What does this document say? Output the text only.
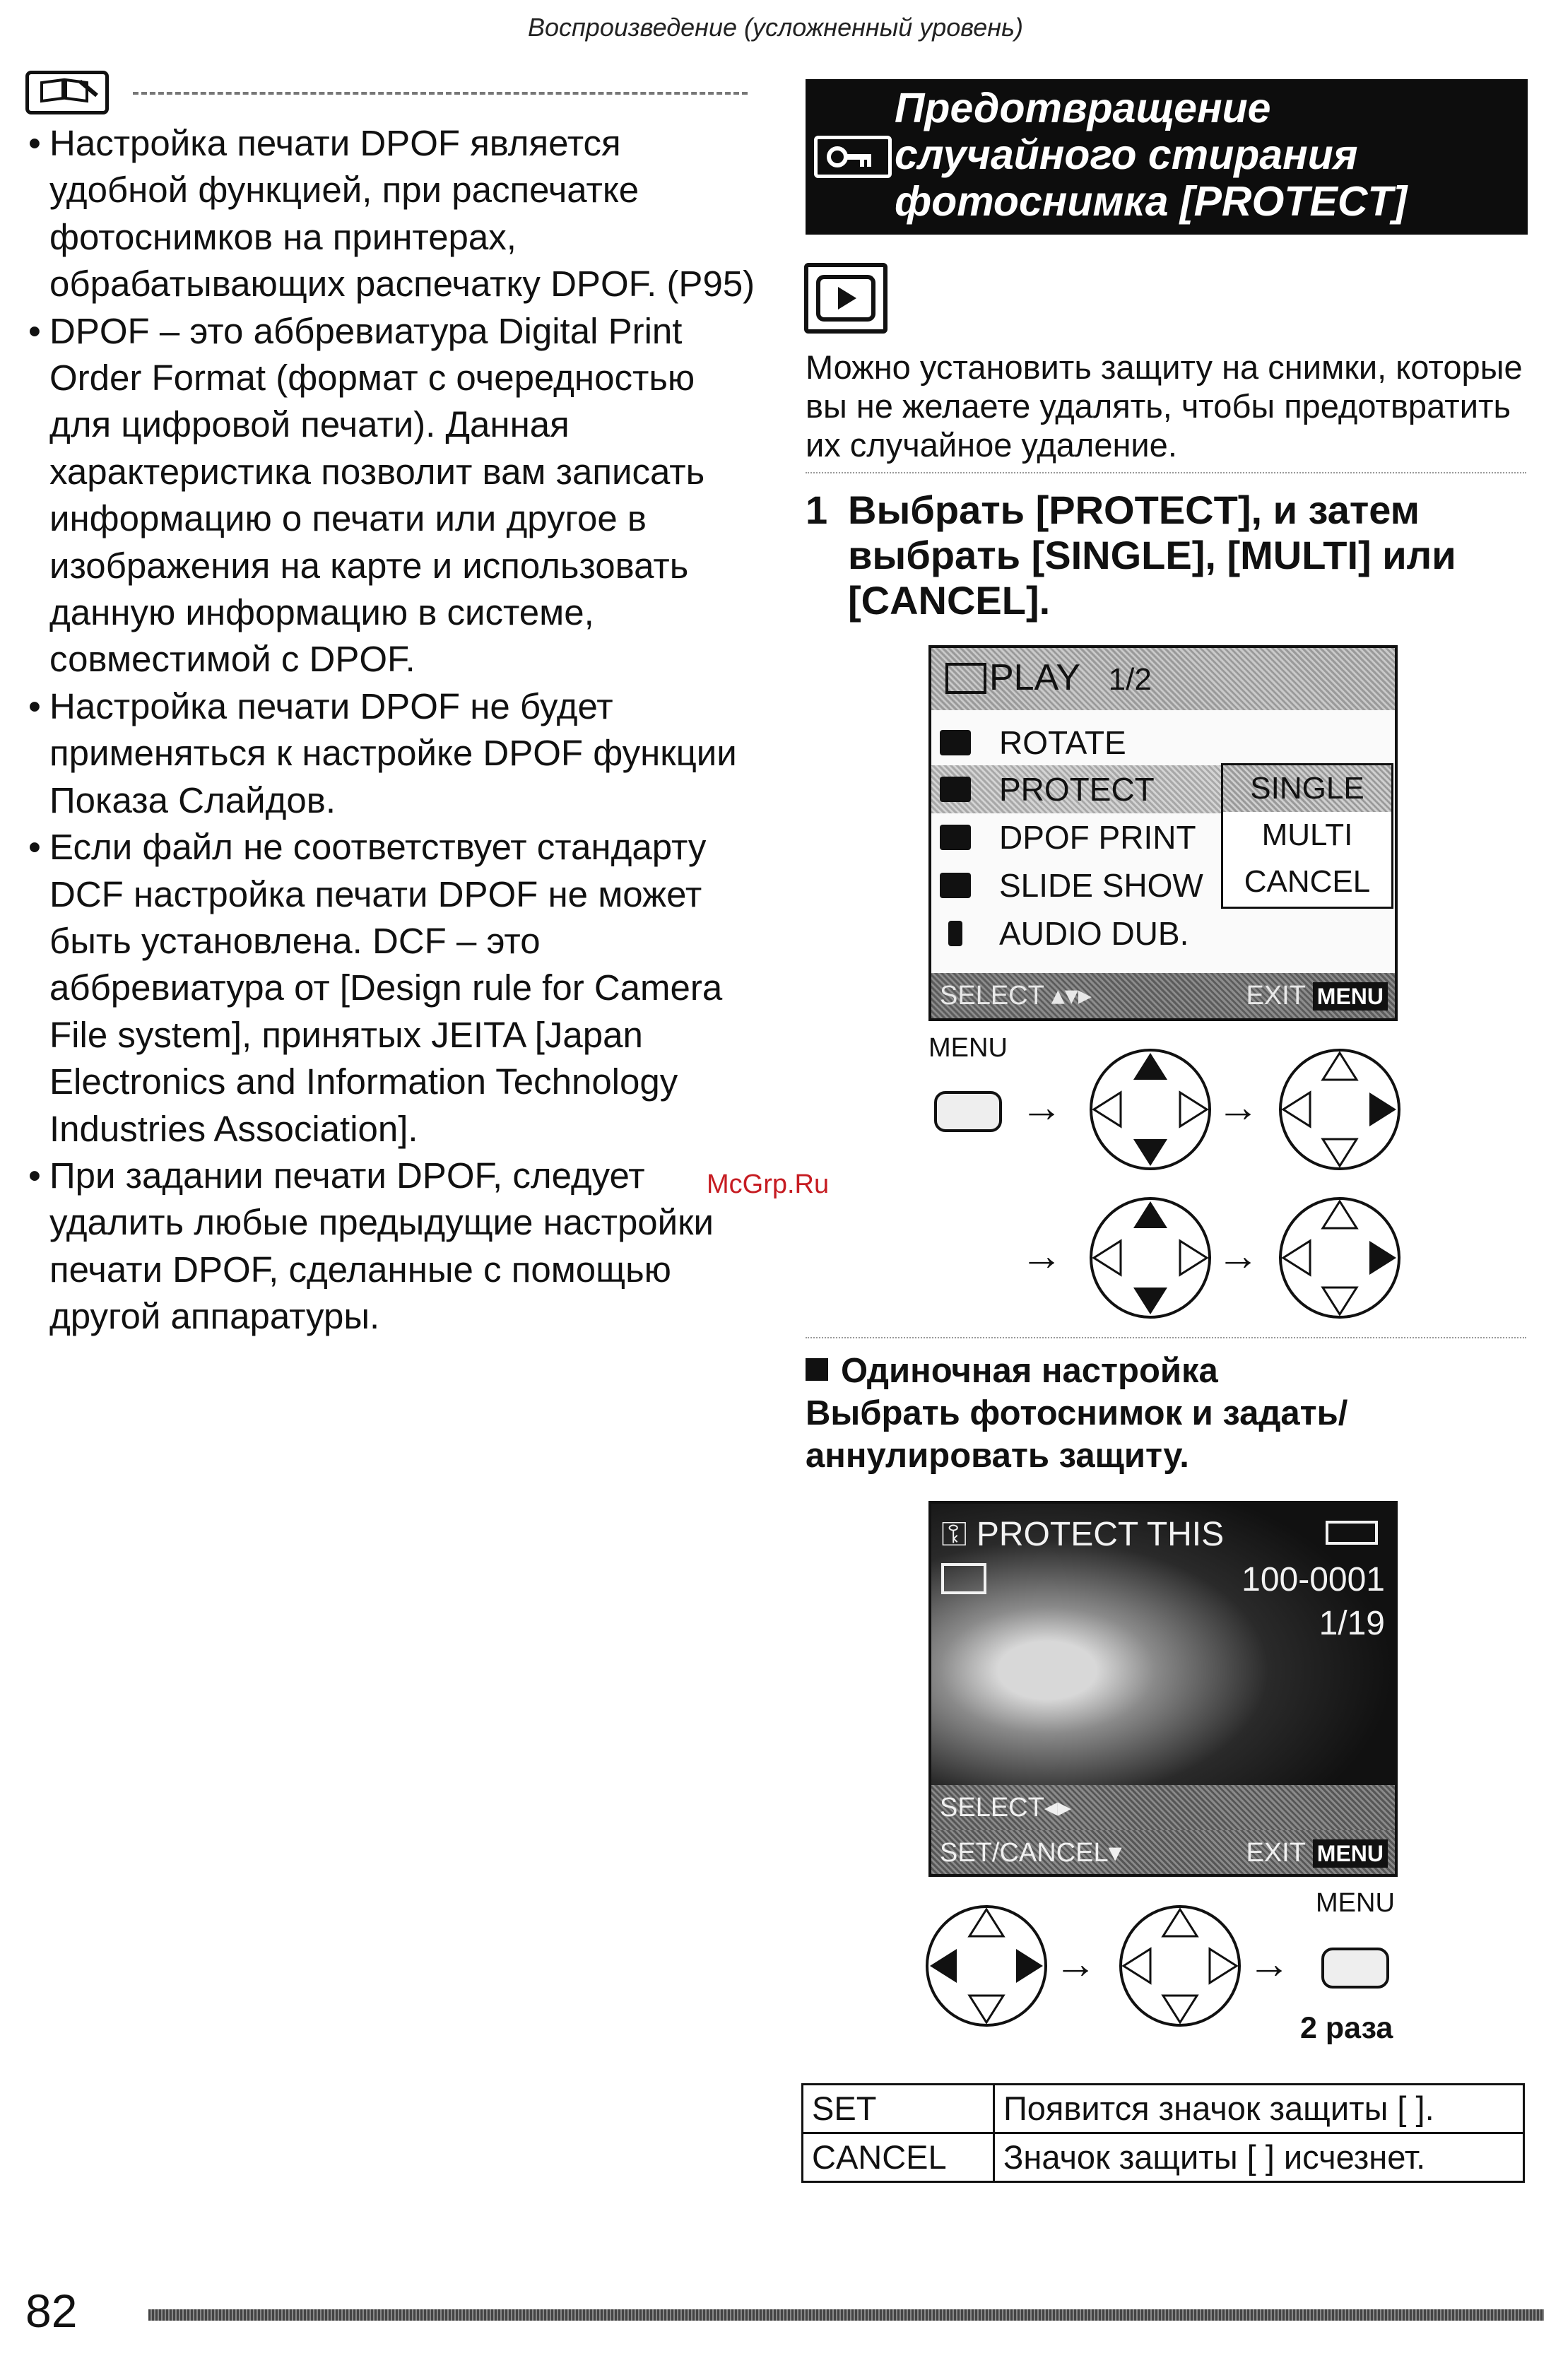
Воспроизведение (усложненный уровень)
• Настройка печати DPOF является удобной функцией, при распечатке фотоснимков на принтерах, обрабатывающих распечатку DPOF. (P95)
• DPOF – это аббревиатура Digital Print Order Format (формат с очередностью для цифровой печати). Данная характеристика позволит вам записать информацию о печати или другое в изображения на карте и использовать данную информацию в системе, совместимой с DPOF.
• Настройка печати DPOF не будет применяться к настройке DPOF функции Показа Слайдов.
• Если файл не соответствует стандарту DCF настройка печати DPOF не может быть установлена. DCF – это аббревиатура от [Design rule for Camera File system], принятых JEITA [Japan Electronics and Information Technology Industries Association].
• При задании печати DPOF, следует удалить любые предыдущие настройки печати DPOF, сделанные с помощью другой аппаратуры.
McGrp.Ru
Предотвращение случайного стирания фотоснимка [PROTECT]
Можно установить защиту на снимки, которые вы не желаете удалять, чтобы предотвратить их случайное удаление.
1 Выбрать [PROTECT], и затем выбрать [SINGLE], [MULTI] или [CANCEL].
PLAY 1/2
ROTATE
PROTECT
DPOF PRINT
SLIDE SHOW
AUDIO DUB.
SINGLE
MULTI
CANCEL
SELECT ▴▾▸	EXIT MENU
MENU
→	→
→	→
Одиночная настройка
Выбрать фотоснимок и задать/ аннулировать защиту.
⚿ PROTECT THIS
100-0001
1/19
SELECT◂▸
SET/CANCEL▾	EXIT MENU
MENU
→	→
2 раза
SET	Появится значок защиты [ ].
CANCEL	Значок защиты [ ] исчезнет.
82
